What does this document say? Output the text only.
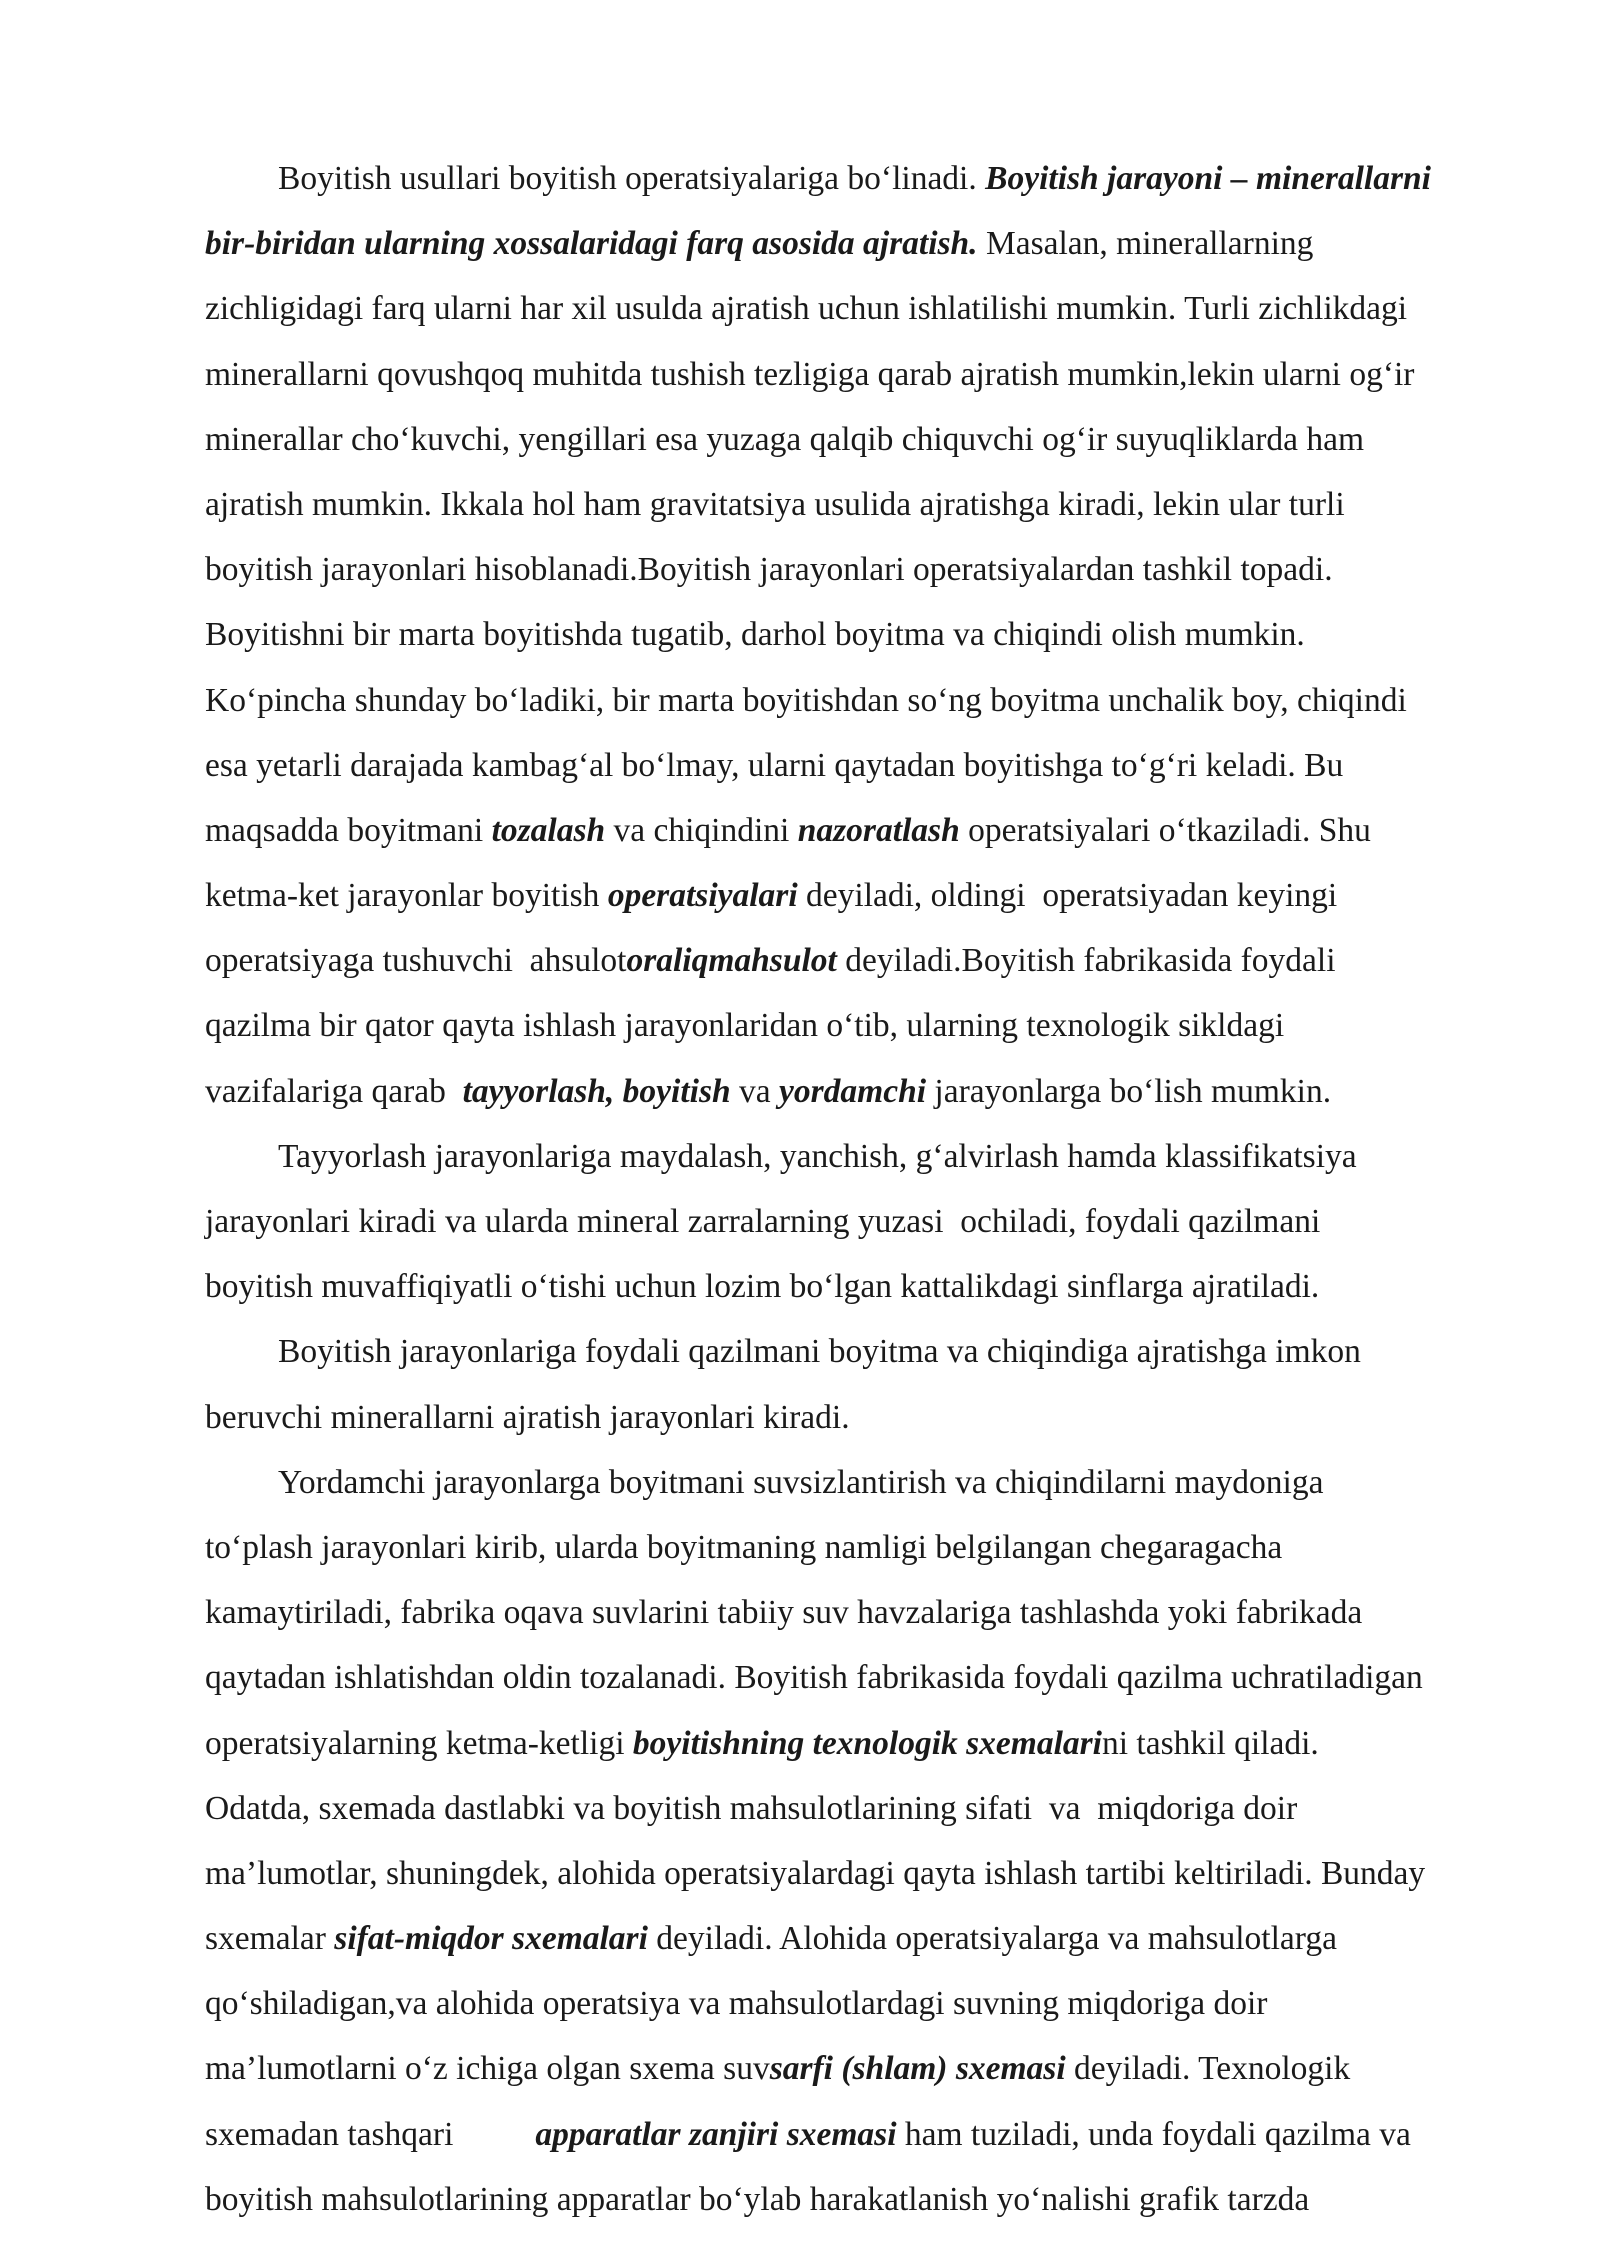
Boyitish usullari boyitish operatsiyalariga bo‘linadi. Boyitish jarayoni – minerallarni
bir-biridan ularning xossalaridagi farq asosida ajratish. Masalan, minerallarning
zichligidagi farq ularni har xil usulda ajratish uchun ishlatilishi mumkin. Turli zichlikdagi
minerallarni qovushqoq muhitda tushish tezligiga qarab ajratish mumkin,lekin ularni og‘ir
minerallar cho‘kuvchi, yengillari esa yuzaga qalqib chiquvchi og‘ir suyuqliklarda ham
ajratish mumkin. Ikkala hol ham gravitatsiya usulida ajratishga kiradi, lekin ular turli
boyitish jarayonlari hisoblanadi.Boyitish jarayonlari operatsiyalardan tashkil topadi.
Boyitishni bir marta boyitishda tugatib, darhol boyitma va chiqindi olish mumkin.
Ko‘pincha shunday bo‘ladiki, bir marta boyitishdan so‘ng boyitma unchalik boy, chiqindi
esa yetarli darajada kambag‘al bo‘lmay, ularni qaytadan boyitishga to‘g‘ri keladi. Bu
maqsadda boyitmani tozalash va chiqindini nazoratlash operatsiyalari o‘tkaziladi. Shu
ketma-ket jarayonlar boyitish operatsiyalari deyiladi, oldingi  operatsiyadan keyingi
operatsiyaga tushuvchi  ahsulotoraliqmahsulot deyiladi.Boyitish fabrikasida foydali
qazilma bir qator qayta ishlash jarayonlaridan o‘tib, ularning texnologik sikldagi
vazifalariga qarab  tayyorlash, boyitish va yordamchi jarayonlarga bo‘lish mumkin.
Tayyorlash jarayonlariga maydalash, yanchish, g‘alvirlash hamda klassifikatsiya
jarayonlari kiradi va ularda mineral zarralarning yuzasi  ochiladi, foydali qazilmani
boyitish muvaffiqiyatli o‘tishi uchun lozim bo‘lgan kattalikdagi sinflarga ajratiladi.
Boyitish jarayonlariga foydali qazilmani boyitma va chiqindiga ajratishga imkon
beruvchi minerallarni ajratish jarayonlari kiradi.
Yordamchi jarayonlarga boyitmani suvsizlantirish va chiqindilarni maydoniga
to‘plash jarayonlari kirib, ularda boyitmaning namligi belgilangan chegaragacha
kamaytiriladi, fabrika oqava suvlarini tabiiy suv havzalariga tashlashda yoki fabrikada
qaytadan ishlatishdan oldin tozalanadi. Boyitish fabrikasida foydali qazilma uchratiladigan
operatsiyalarning ketma-ketligi boyitishning texnologik sxemalarini tashkil qiladi.
Odatda, sxemada dastlabki va boyitish mahsulotlarining sifati  va  miqdoriga doir
ma’lumotlar, shuningdek, alohida operatsiyalardagi qayta ishlash tartibi keltiriladi. Bunday
sxemalar sifat-miqdor sxemalari deyiladi. Alohida operatsiyalarga va mahsulotlarga
qo‘shiladigan,va alohida operatsiya va mahsulotlardagi suvning miqdoriga doir
ma’lumotlarni o‘z ichiga olgan sxema suvsarfi (shlam) sxemasi deyiladi. Texnologik
sxemadan tashqari apparatlar zanjiri sxemasi ham tuziladi, unda foydali qazilma va
boyitish mahsulotlarining apparatlar bo‘ylab harakatlanish yo‘nalishi grafik tarzda
